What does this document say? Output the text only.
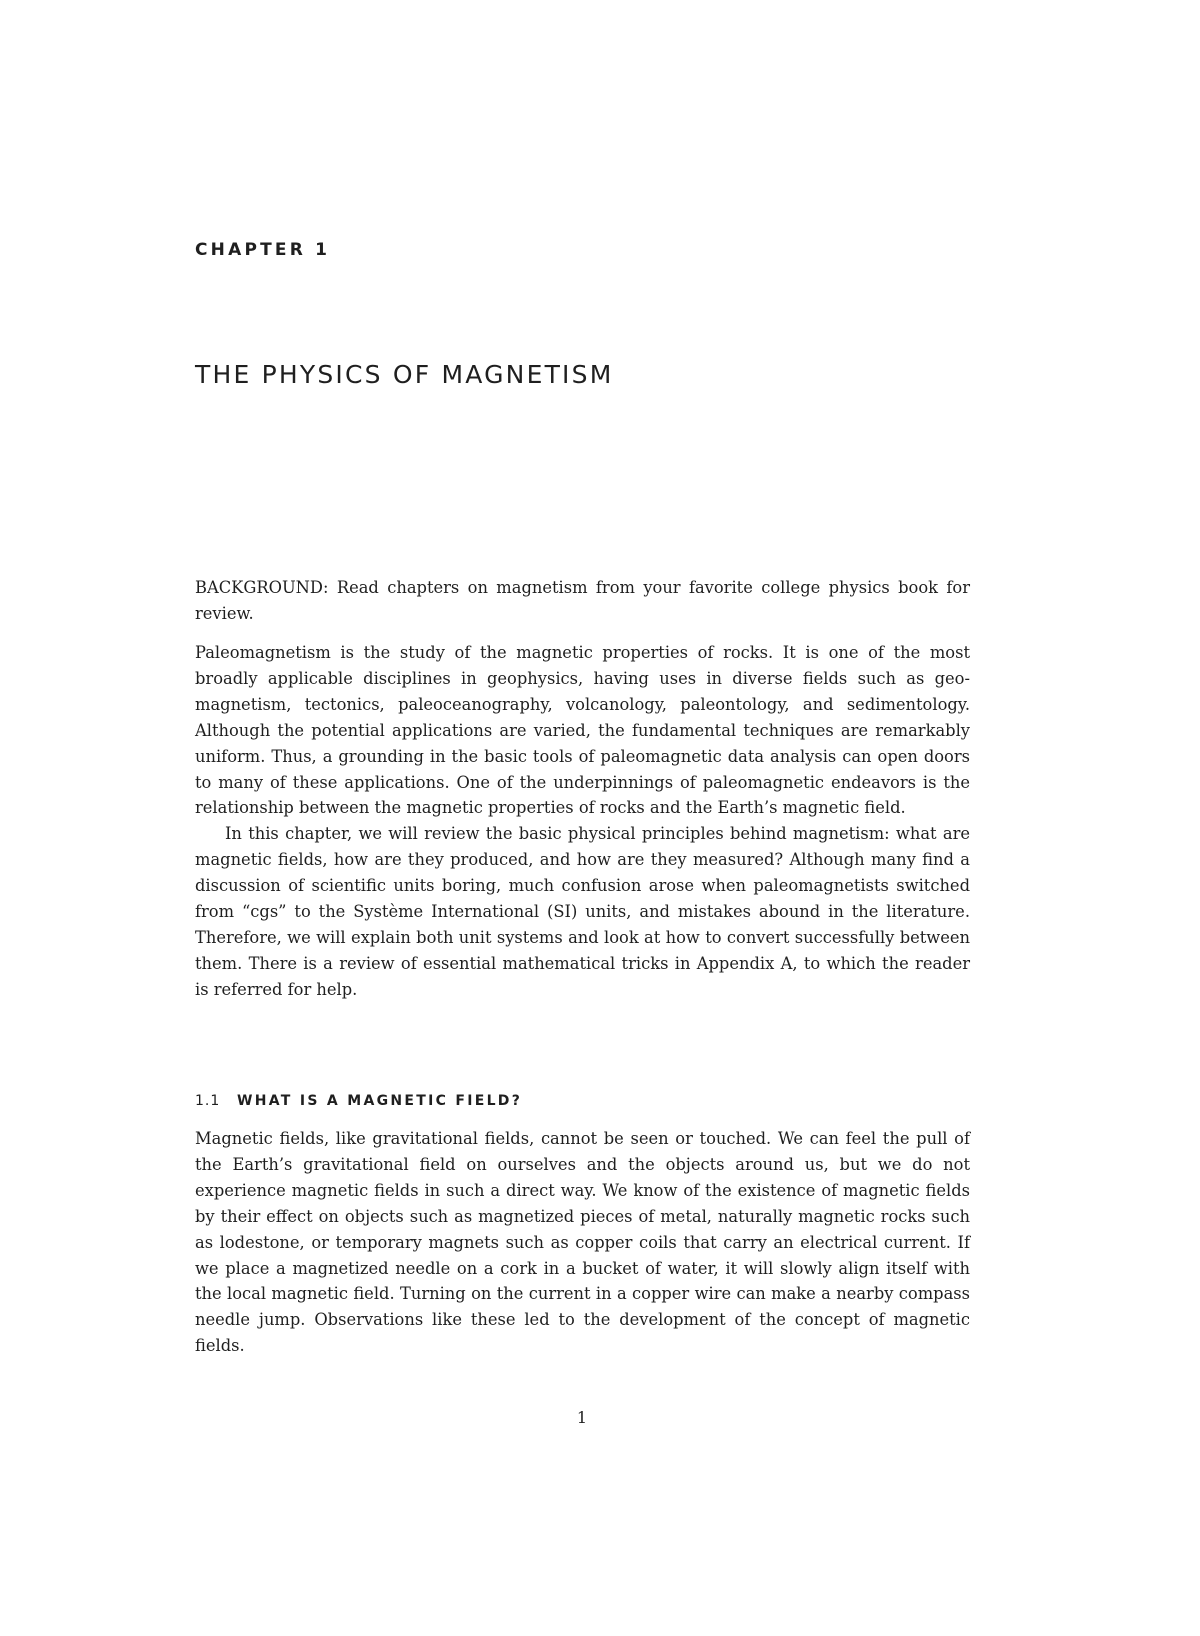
CHAPTER 1
THE PHYSICS OF MAGNETISM

BACKGROUND: Read chapters on magnetism from your favorite college physics book for review.

Paleomagnetism is the study of the magnetic properties of rocks. It is one of the most broadly applicable disciplines in geophysics, having uses in diverse fields such as geomagnetism, tectonics, paleoceanography, volcanology, paleontology, and sedimentology. Although the potential applications are varied, the fundamental techniques are remarkably uniform. Thus, a grounding in the basic tools of paleomagnetic data analysis can open doors to many of these applications. One of the underpinnings of paleomagnetic endeavors is the relationship between the magnetic properties of rocks and the Earth’s magnetic field.

In this chapter, we will review the basic physical principles behind magnetism: what are magnetic fields, how are they produced, and how are they measured? Although many find a discussion of scientific units boring, much confusion arose when paleomagnetists switched from “cgs” to the Système International (SI) units, and mistakes abound in the literature. Therefore, we will explain both unit systems and look at how to convert successfully between them. There is a review of essential mathematical tricks in Appendix A, to which the reader is referred for help.

1.1 WHAT IS A MAGNETIC FIELD?

Magnetic fields, like gravitational fields, cannot be seen or touched. We can feel the pull of the Earth’s gravitational field on ourselves and the objects around us, but we do not experience magnetic fields in such a direct way. We know of the existence of magnetic fields by their effect on objects such as magnetized pieces of metal, naturally magnetic rocks such as lodestone, or temporary magnets such as copper coils that carry an electrical current. If we place a magnetized needle on a cork in a bucket of water, it will slowly align itself with the local magnetic field. Turning on the current in a copper wire can make a nearby compass needle jump. Observations like these led to the development of the concept of magnetic fields.

1
